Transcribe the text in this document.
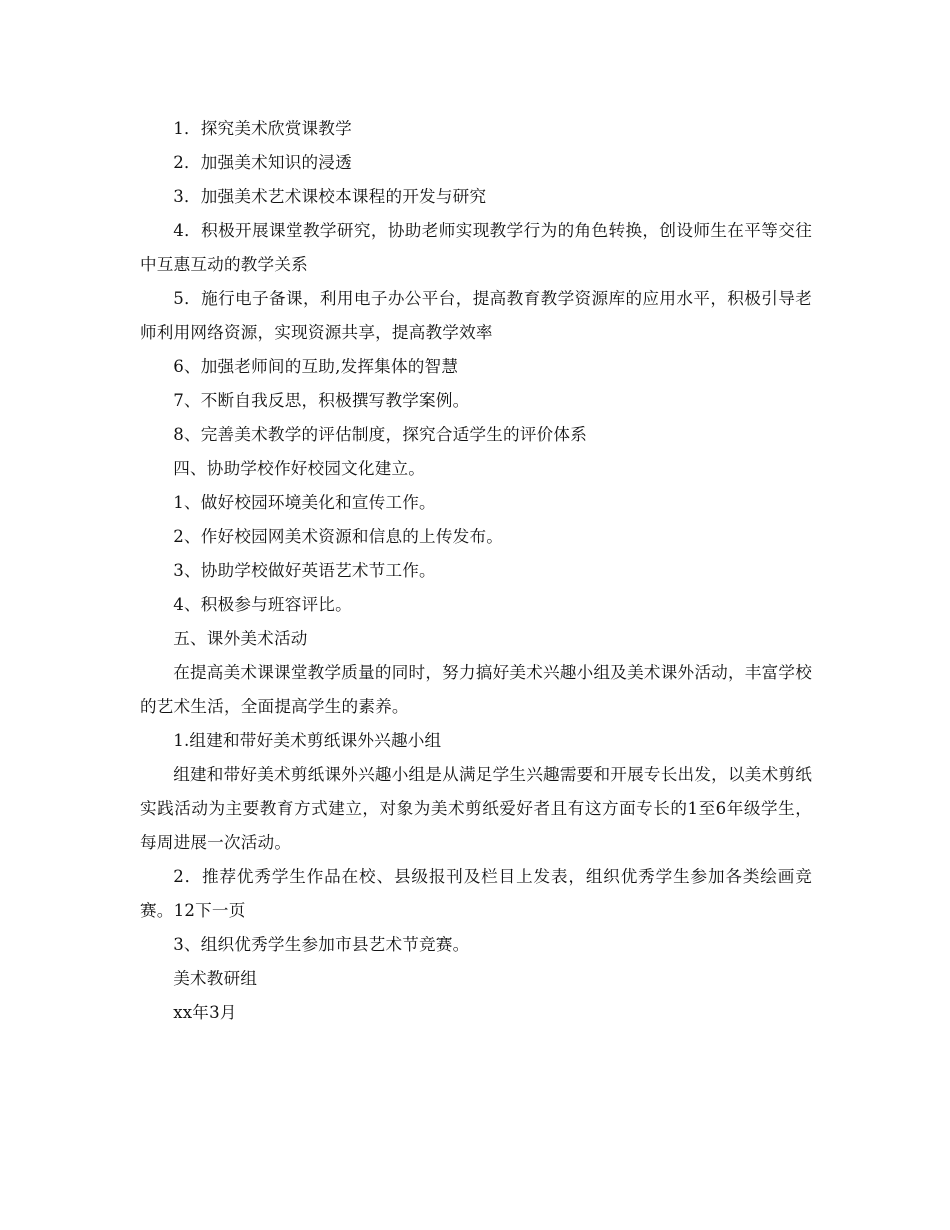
1．探究美术欣赏课教学

2．加强美术知识的浸透

3．加强美术艺术课校本课程的开发与研究

4．积极开展课堂教学研究，协助老师实现教学行为的角色转换，创设师生在平等交往中互惠互动的教学关系

5．施行电子备课，利用电子办公平台，提高教育教学资源库的应用水平，积极引导老师利用网络资源，实现资源共享，提高教学效率

6、加强老师间的互助,发挥集体的智慧

7、不断自我反思，积极撰写教学案例。

8、完善美术教学的评估制度，探究合适学生的评价体系

四、协助学校作好校园文化建立。

1、做好校园环境美化和宣传工作。

2、作好校园网美术资源和信息的上传发布。

3、协助学校做好英语艺术节工作。

4、积极参与班容评比。

五、课外美术活动

在提高美术课课堂教学质量的同时，努力搞好美术兴趣小组及美术课外活动，丰富学校的艺术生活，全面提高学生的素养。

1.组建和带好美术剪纸课外兴趣小组

组建和带好美术剪纸课外兴趣小组是从满足学生兴趣需要和开展专长出发，以美术剪纸实践活动为主要教育方式建立，对象为美术剪纸爱好者且有这方面专长的1至6年级学生，每周进展一次活动。

2．推荐优秀学生作品在校、县级报刊及栏目上发表，组织优秀学生参加各类绘画竞赛。12下一页

3、组织优秀学生参加市县艺术节竞赛。

美术教研组

xx年3月
